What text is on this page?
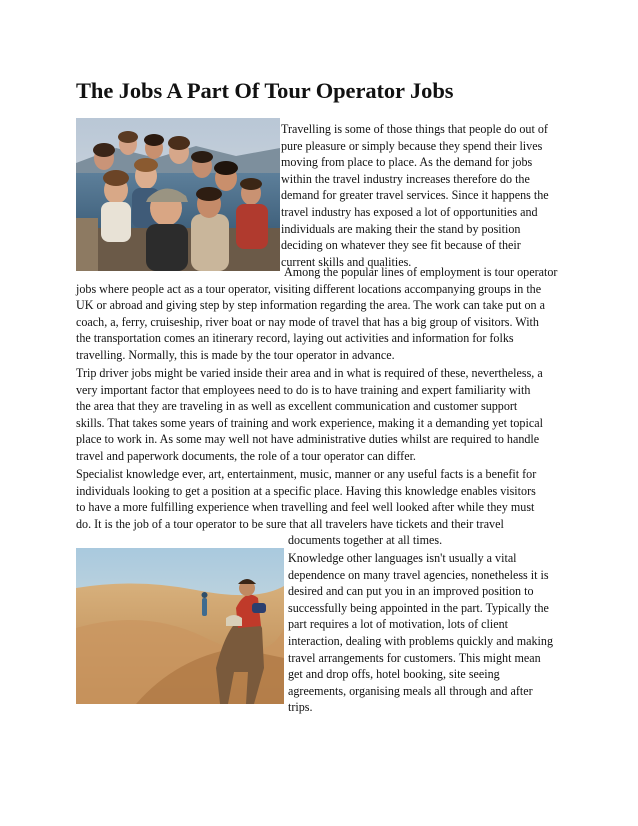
The Jobs A Part Of Tour Operator Jobs

Travelling is some of those things that people do out of

pure pleasure or simply because they spend their lives

moving from place to place. As the demand for jobs

within the travel industry increases therefore do the

demand for greater travel services. Since it happens the

travel industry has exposed a lot of opportunities and

individuals are making their the stand by position

deciding on whatever they see fit because of their

current skills and qualities.

Among the popular lines of employment is tour operator

jobs where people act as a tour operator, visiting different locations accompanying groups in the

UK or abroad and giving step by step information regarding the area. The work can take put on a

coach, a, ferry, cruiseship, river boat or nay mode of travel that has a big group of visitors. With

the transportation comes an itinerary record, laying out activities and information for folks

travelling. Normally, this is made by the tour operator in advance.

Trip driver jobs might be varied inside their area and in what is required of these, nevertheless, a

very important factor that employees need to do is to have training and expert familiarity with

the area that they are traveling in as well as excellent communication and customer support

skills. That takes some years of training and work experience, making it a demanding yet topical

place to work in. As some may well not have administrative duties whilst are required to handle

travel and paperwork documents, the role of a tour operator can differ.

Specialist knowledge ever, art, entertainment, music, manner or any useful facts is a benefit for

individuals looking to get a position at a specific place. Having this knowledge enables visitors

to have a more fulfilling experience when travelling and feel well looked after while they must

do. It is the job of a tour operator to be sure that all travelers have tickets and their travel

documents together at all times.

Knowledge other languages isn't usually a vital

dependence on many travel agencies, nonetheless it is

desired and can put you in an improved position to

successfully being appointed in the part. Typically the

part requires a lot of motivation, lots of client

interaction, dealing with problems quickly and making

travel arrangements for customers. This might mean

get and drop offs, hotel booking, site seeing

agreements, organising meals all through and after

trips.
